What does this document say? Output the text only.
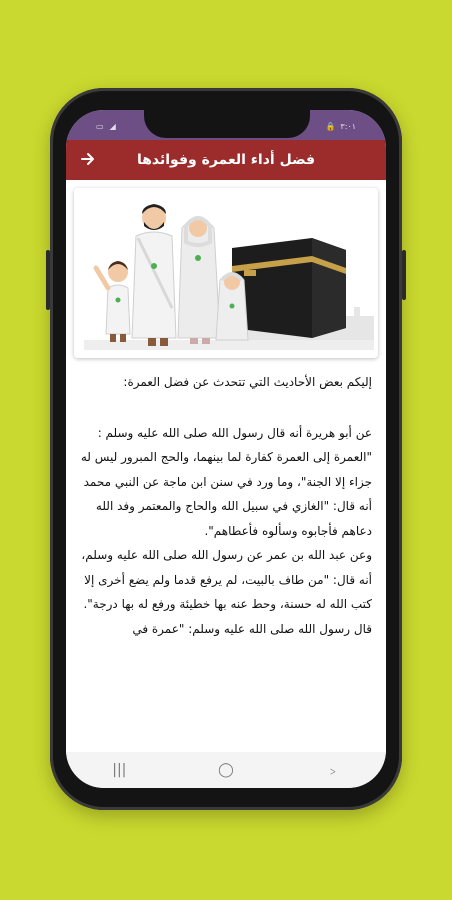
▭ ◢	🔒 ٣:٠١
فضل أداء العمرة وفوائدها

إليكم بعض الأحاديث التي تتحدث عن فضل العمرة:

عن أبو هريرة أنه قال رسول الله صلى الله عليه وسلم : "العمرة إلى العمرة كفارة لما بينهما، والحج المبرور ليس له جزاء إلا الجنة"، وما ورد في سنن ابن ماجة عن النبي محمد أنه قال: "الغازي في سبيل الله والحاج والمعتمر وفد الله دعاهم فأجابوه وسألوه فأعطاهم".

وعن عبد الله بن عمر عن رسول الله صلى الله عليه وسلم، أنه قال: "من طاف بالبيت، لم يرفع قدما ولم يضع أخرى إلا كتب الله له حسنة، وحط عنه بها خطيئة ورفع له بها درجة".

قال رسول الله صلى الله عليه وسلم: "عمرة في

|||	◯	﹥
